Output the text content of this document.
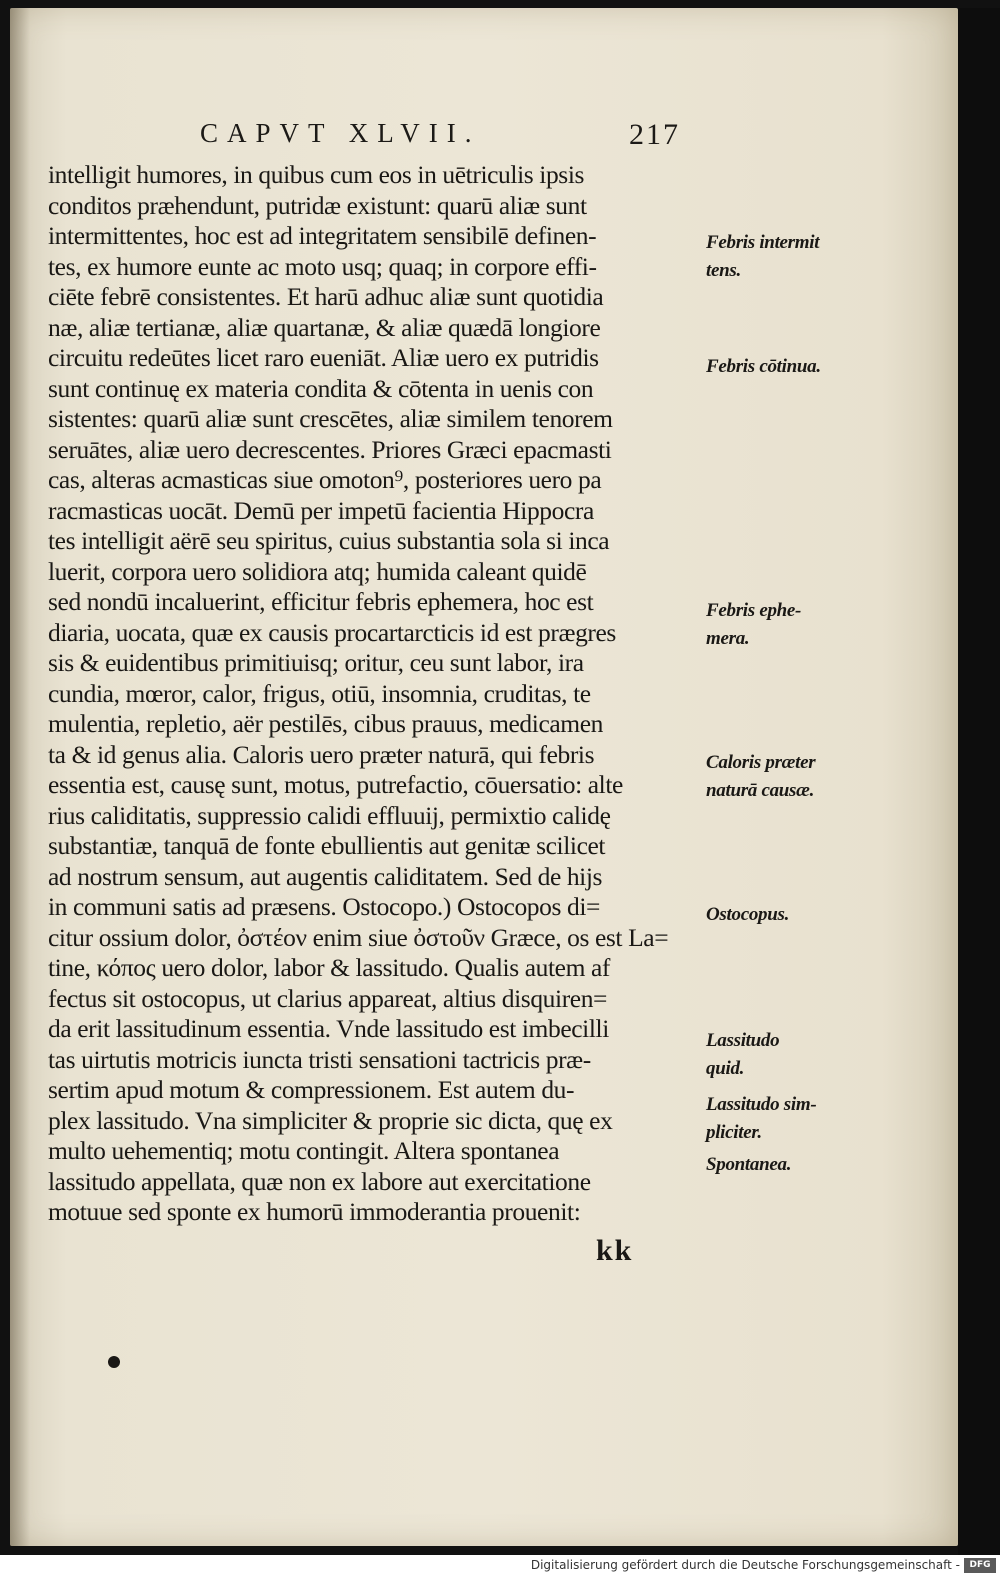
CAPVT XLVII.	217
intelligit humores, in quibus cum eos in uētriculis ipsis
conditos præhendunt, putridæ existunt: quarū aliæ sunt
intermittentes, hoc est ad integritatem sensibilē definen-
tes, ex humore eunte ac moto usq; quaq; in corpore effi-
ciēte febrē consistentes. Et harū adhuc aliæ sunt quotidia
næ, aliæ tertianæ, aliæ quartanæ, & aliæ quædā longiore
circuitu redeūtes licet raro eueniāt. Aliæ uero ex putridis
sunt continuę ex materia condita & cōtenta in uenis con
sistentes: quarū aliæ sunt crescētes, aliæ similem tenorem
seruātes, aliæ uero decrescentes. Priores Græci epacmasti
cas, alteras acmasticas siue omoton⁹, posteriores uero pa
racmasticas uocāt. Demū per impetū facientia Hippocra
tes intelligit aërē seu spiritus, cuius substantia sola si inca
luerit, corpora uero solidiora atq; humida caleant quidē
sed nondū incaluerint, efficitur febris ephemera, hoc est
diaria, uocata, quæ ex causis procartarcticis id est prægres
sis & euidentibus primitiuisq; oritur, ceu sunt labor, ira
cundia, mœror, calor, frigus, otiū, insomnia, cruditas, te
mulentia, repletio, aër pestilēs, cibus prauus, medicamen
ta & id genus alia. Caloris uero præter naturā, qui febris
essentia est, causę sunt, motus, putrefactio, cōuersatio: alte
rius caliditatis, suppressio calidi effluuij, permixtio calidę
substantiæ, tanquā de fonte ebullientis aut genitæ scilicet
ad nostrum sensum, aut augentis caliditatem. Sed de hijs
in communi satis ad præsens. Ostocopo.) Ostocopos di=
citur ossium dolor, ὀστέον enim siue ὀστοῦν Græce, os est La=
tine, κόπος uero dolor, labor & lassitudo. Qualis autem af
fectus sit ostocopus, ut clarius appareat, altius disquiren=
da erit lassitudinum essentia. Vnde lassitudo est imbecilli
tas uirtutis motricis iuncta tristi sensationi tactricis præ-
sertim apud motum & compressionem. Est autem du-
plex lassitudo. Vna simpliciter & proprie sic dicta, quę ex
multo uehementiq; motu contingit. Altera spontanea
lassitudo appellata, quæ non ex labore aut exercitatione
motuue sed sponte ex humorū immoderantia prouenit:
Febris intermit
tens.
Febris cōtinua.
Febris ephe-
mera.
Caloris præter
naturā causæ.
Ostocopus.
Lassitudo
quid.
Lassitudo sim-
pliciter.
Spontanea.
kk
Digitalisierung gefördert durch die Deutsche Forschungsgemeinschaft -	DFG
